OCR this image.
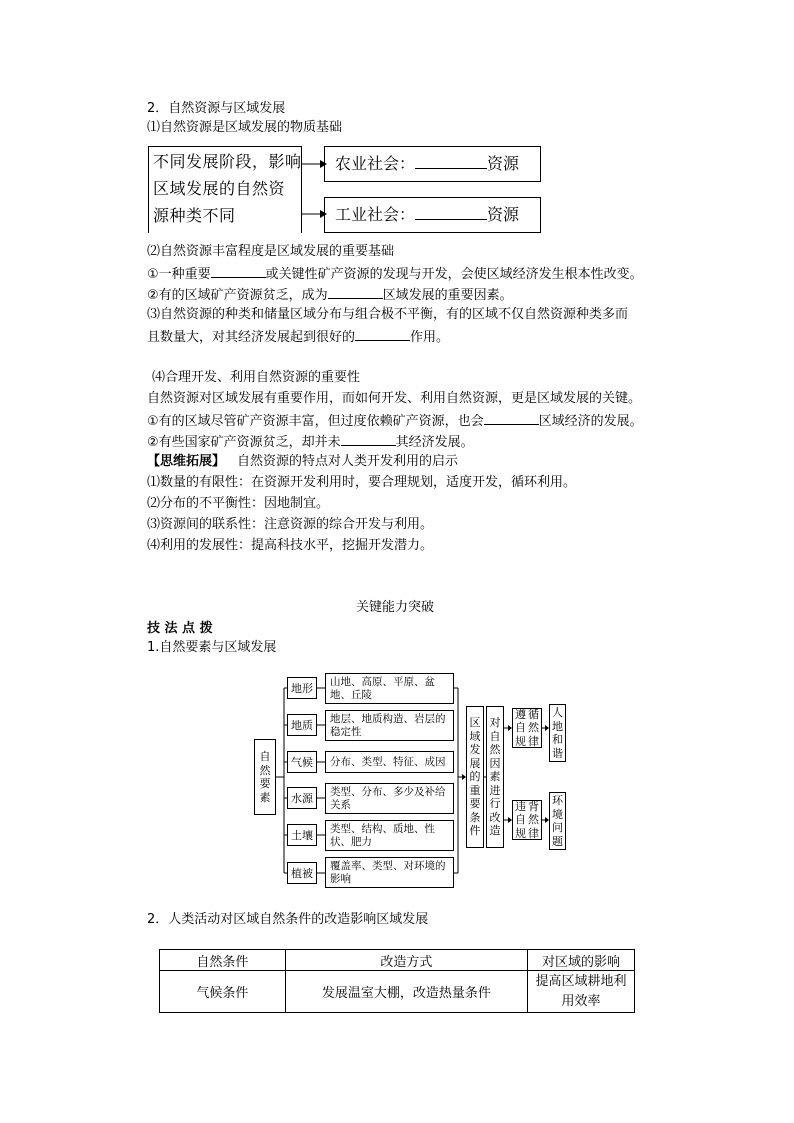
2．自然资源与区域发展
⑴自然资源是区域发展的物质基础
不同发展阶段，影响
区域发展的自然资
源种类不同
农业社会：	资源
工业社会：	资源
⑵自然资源丰富程度是区域发展的重要基础
①一种重要	或关键性矿产资源的发现与开发，会使区域经济发生根本性改变。
②有的区域矿产资源贫乏，成为	区域发展的重要因素。
⑶自然资源的种类和储量区域分布与组合极不平衡，有的区域不仅自然资源种类多而
且数量大，对其经济发展起到很好的	作用。
⑷合理开发、利用自然资源的重要性
自然资源对区域发展有重要作用，而如何开发、利用自然资源，更是区域发展的关键。
①有的区域尽管矿产资源丰富，但过度依赖矿产资源，也会	区域经济的发展。
②有些国家矿产资源贫乏，却并未	其经济发展。
【思维拓展】 自然资源的特点对人类开发利用的启示
⑴数量的有限性：在资源开发利用时，要合理规划，适度开发，循环利用。
⑵分布的不平衡性：因地制宜。
⑶资源间的联系性：注意资源的综合开发与利用。
⑷利用的发展性：提高科技水平，挖掘开发潜力。
关键能力突破
技 法 点 拨
1.自然要素与区域发展
自
然
要
素
地形
地质
气候
水源
土壤
植被
山地、高原、平原、盆地、丘陵
地层、地质构造、岩层的稳定性
分布、类型、特征、成因
类型、分布、多少及补给关系
类型、结构、质地、性状、肥力
覆盖率、类型、对环境的影响
区
域
发
展
的
重
要
条
件
对
自
然
因
素
进
行
改
造
遵 循
自 然
规 律
违 背
自 然
规 律
人
地
和
谐
环
境
问
题
2．人类活动对区域自然条件的改造影响区域发展
自然条件	改造方式	对区域的影响
气候条件	发展温室大棚，改造热量条件	提高区域耕地利用效率
